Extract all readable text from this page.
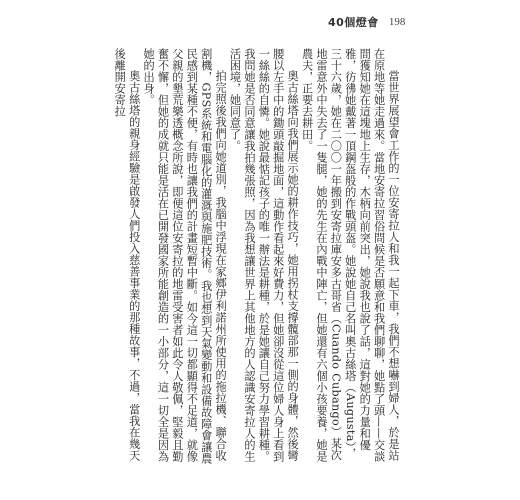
40個燈會 198

當世界展望會工作的一位安寄拉人和我一起下車，我們不想嚇到婦人，於是站在原地等她走過來。當地安寄拉習俗問候是否願意和我們聊聊，她點了頭——交談間獲知她在這塊地上生存，木柄向前突出，她說我也說了話，這對她的力量和優雅，彷彿她戴著一頂鋼盔般的作戰頭盔。她說她自己名叫奧古絲塔（Augusta），三十六歲，她在二〇〇一年搬到安寄拉庫安多古哥省（Cuando Cubango）某次地雷意外中失去了一隻腿，她的先生在內戰中陣亡，但她還有六個小孩要養，她是農夫，正要去耕田。

奧古絲塔向我們展示她的耕作技巧，她用拐杖支撐髖部那一側的身體，然後彎腰以左手中的鋤頭敲掘地面，這動作看起來好費力，但她卻沒從這位婦人身上看到一絲絲的自憐。她說最惦記孩子的唯一辦法是耕種，於是她讓自己努力學習耕種。我問她是否同意讓我拍幾張照，因為我想讓世界上其他地方的人認識安寄拉人的生活困境，她同意了。

拍完照後我們向她道別，我腦中浮現在家鄉伊利諾州所使用的拖拉機、聯合收割機，GPS系統和電腦化的灌溉與施肥技術。我也想到天氣變動和設備故障會讓農民感到某種不便，有時也讓我們的計畫短暫中斷。如今這一切都顯得不足道，就像父親的墾荒樂透概念所說，即便這位安寄拉的地雷受害者如此令人敬佩，堅毅且勤奮不懈，但她的成就只能是活在已開發國家所能創造的一小部分，這一切全是因為她的出身。

奧古絲塔的親身經驗是啟發人們投入慈善事業的那種故事，不過，當我在幾天後離開安寄拉
